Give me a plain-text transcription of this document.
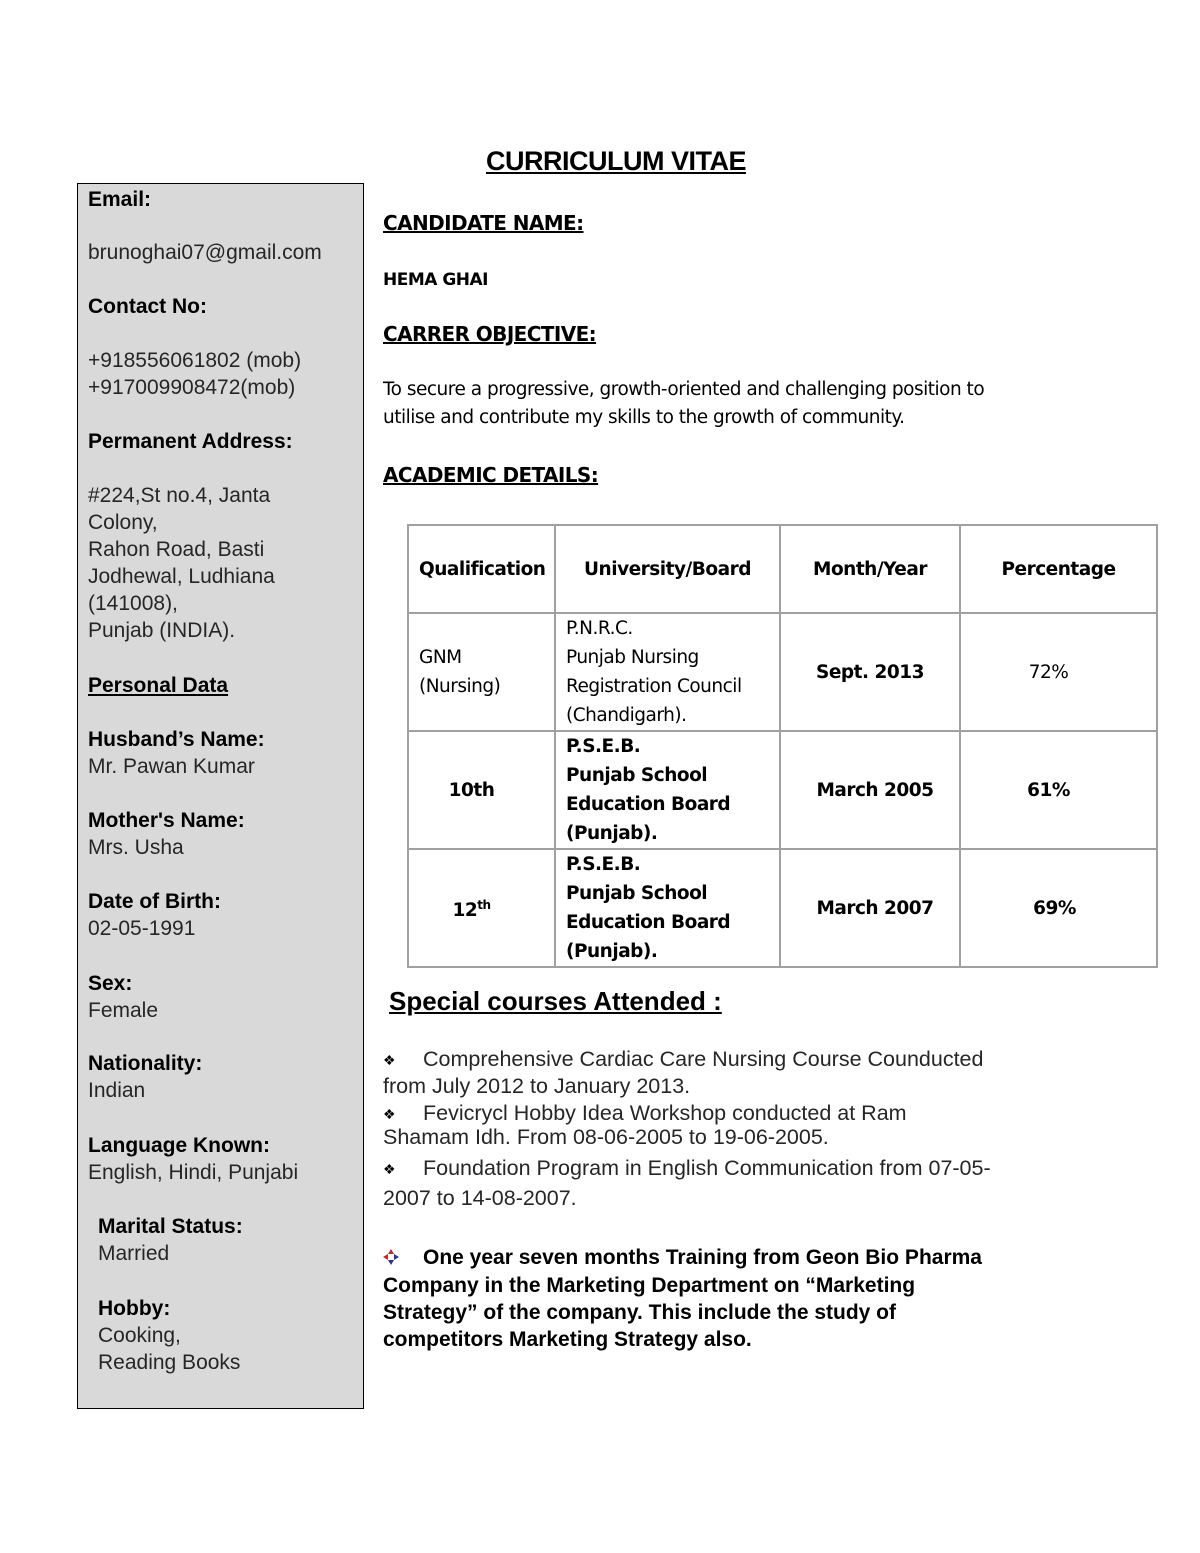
CURRICULUM VITAE
Email:
brunoghai07@gmail.com
Contact No:
+918556061802 (mob)
+917009908472(mob)
Permanent Address:
#224,St no.4, Janta
Colony,
Rahon Road, Basti
Jodhewal, Ludhiana
(141008),
Punjab (INDIA).
Personal Data
Husband’s Name:
Mr. Pawan Kumar
Mother's Name:
Mrs. Usha
Date of Birth:
02-05-1991
Sex:
Female
Nationality:
Indian
Language Known:
English, Hindi, Punjabi
Marital Status:
Married
Hobby:
Cooking,
Reading Books
CANDIDATE NAME:
HEMA GHAI
CARRER OBJECTIVE:
To secure a progressive, growth-oriented and challenging position to
utilise and contribute my skills to the growth of community.
ACADEMIC DETAILS:
Qualification	University/Board	Month/Year	Percentage
GNM (Nursing)	P.N.R.C.
Punjab Nursing
Registration Council
(Chandigarh).	Sept. 2013	72%
10th	P.S.E.B.
Punjab School
Education Board
(Punjab).	March 2005	61%
12th	P.S.E.B.
Punjab School
Education Board
(Punjab).	March 2007	69%
Special courses Attended :
❖ Comprehensive Cardiac Care Nursing Course Counducted
from July 2012 to January 2013.
❖ Fevicrycl Hobby Idea Workshop conducted at Ram
Shamam Idh. From 08-06-2005 to 19-06-2005.
❖ Foundation Program in English Communication from 07-05-
2007 to 14-08-2007.
One year seven months Training from Geon Bio Pharma
Company in the Marketing Department on “Marketing
Strategy” of the company. This include the study of
competitors Marketing Strategy also.
